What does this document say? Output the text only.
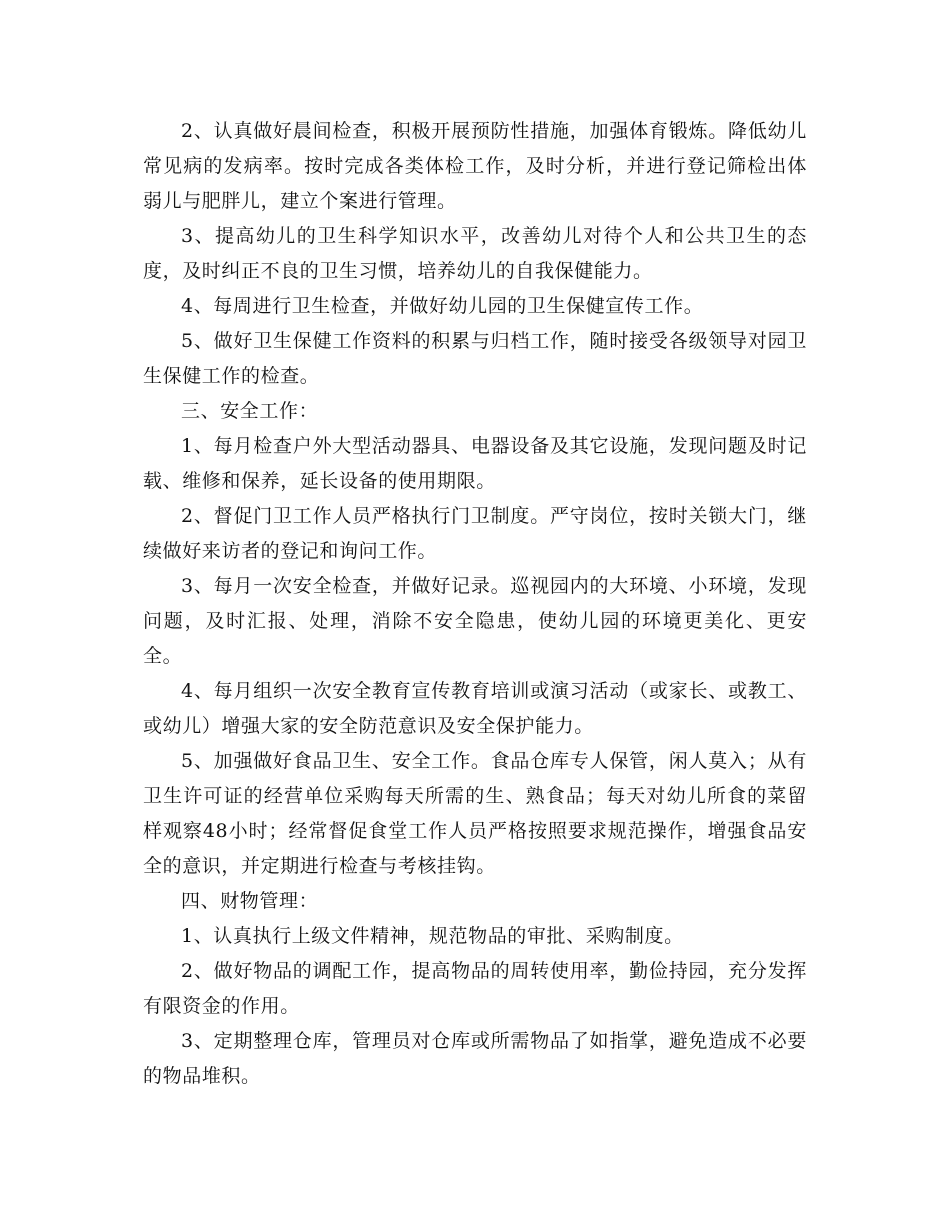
2、认真做好晨间检查，积极开展预防性措施，加强体育锻炼。降低幼儿常见病的发病率。按时完成各类体检工作，及时分析，并进行登记筛检出体弱儿与肥胖儿，建立个案进行管理。

3、提高幼儿的卫生科学知识水平，改善幼儿对待个人和公共卫生的态度，及时纠正不良的卫生习惯，培养幼儿的自我保健能力。

4、每周进行卫生检查，并做好幼儿园的卫生保健宣传工作。

5、做好卫生保健工作资料的积累与归档工作，随时接受各级领导对园卫生保健工作的检查。

三、安全工作：

1、每月检查户外大型活动器具、电器设备及其它设施，发现问题及时记载、维修和保养，延长设备的使用期限。

2、督促门卫工作人员严格执行门卫制度。严守岗位，按时关锁大门，继续做好来访者的登记和询问工作。

3、每月一次安全检查，并做好记录。巡视园内的大环境、小环境，发现问题，及时汇报、处理，消除不安全隐患，使幼儿园的环境更美化、更安全。

4、每月组织一次安全教育宣传教育培训或演习活动（或家长、或教工、或幼儿）增强大家的安全防范意识及安全保护能力。

5、加强做好食品卫生、安全工作。食品仓库专人保管，闲人莫入；从有卫生许可证的经营单位采购每天所需的生、熟食品；每天对幼儿所食的菜留样观察48小时；经常督促食堂工作人员严格按照要求规范操作，增强食品安全的意识，并定期进行检查与考核挂钩。

四、财物管理：

1、认真执行上级文件精神，规范物品的审批、采购制度。

2、做好物品的调配工作，提高物品的周转使用率，勤俭持园，充分发挥有限资金的作用。

3、定期整理仓库，管理员对仓库或所需物品了如指掌，避免造成不必要的物品堆积。
